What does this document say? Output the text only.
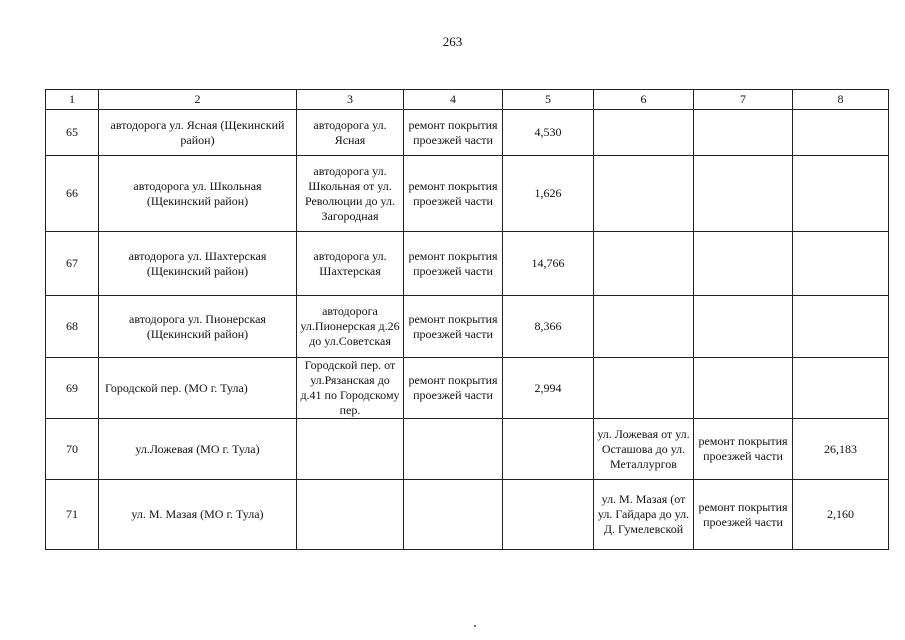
263
1	2	3	4	5	6	7	8
65	автодорога ул. Ясная (Щекинский район)	автодорога ул. Ясная	ремонт покрытия проезжей части	4,530			
66	автодорога ул. Школьная (Щекинский район)	автодорога ул. Школьная от ул. Революции до ул. Загородная	ремонт покрытия проезжей части	1,626			
67	автодорога ул. Шахтерская (Щекинский район)	автодорога ул. Шахтерская	ремонт покрытия проезжей части	14,766			
68	автодорога ул. Пионерская (Щекинский район)	автодорога ул.Пионерская д.26 до ул.Советская	ремонт покрытия проезжей части	8,366			
69	Городской пер. (МО г. Тула)	Городской пер. от ул.Рязанская до д.41 по Городскому пер.	ремонт покрытия проезжей части	2,994			
70	ул.Ложевая (МО г. Тула)				ул. Ложевая от ул. Осташова до ул. Металлургов	ремонт покрытия проезжей части	26,183
71	ул. М. Мазая (МО г. Тула)				ул. М. Мазая (от ул. Гайдара до ул. Д. Гумелевской	ремонт покрытия проезжей части	2,160
